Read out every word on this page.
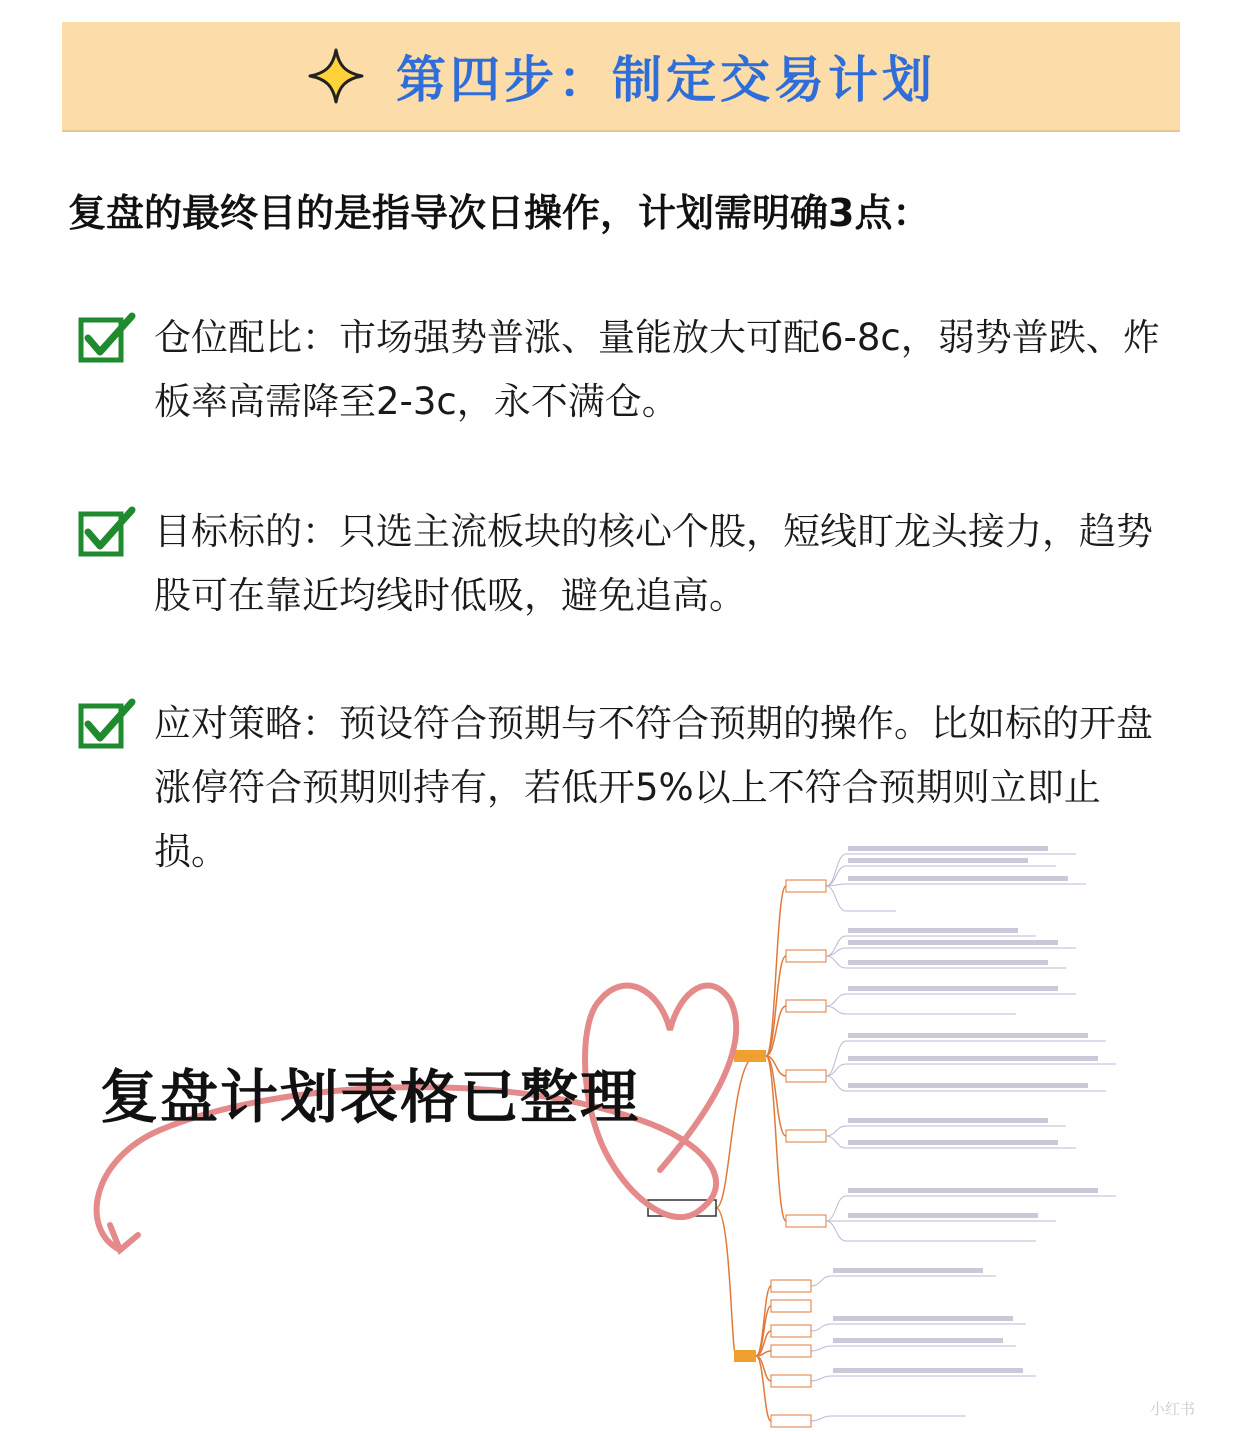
第四步：制定交易计划
复盘的最终目的是指导次日操作，计划需明确3点：
仓位配比：市场强势普涨、量能放大可配6-8c，弱势普跌、炸板率高需降至2-3c，永不满仓。
目标标的：只选主流板块的核心个股，短线盯龙头接力，趋势股可在靠近均线时低吸，避免追高。
应对策略：预设符合预期与不符合预期的操作。比如标的开盘涨停符合预期则持有，若低开5%以上不符合预期则立即止损。
复盘计划表格已整理
小红书
